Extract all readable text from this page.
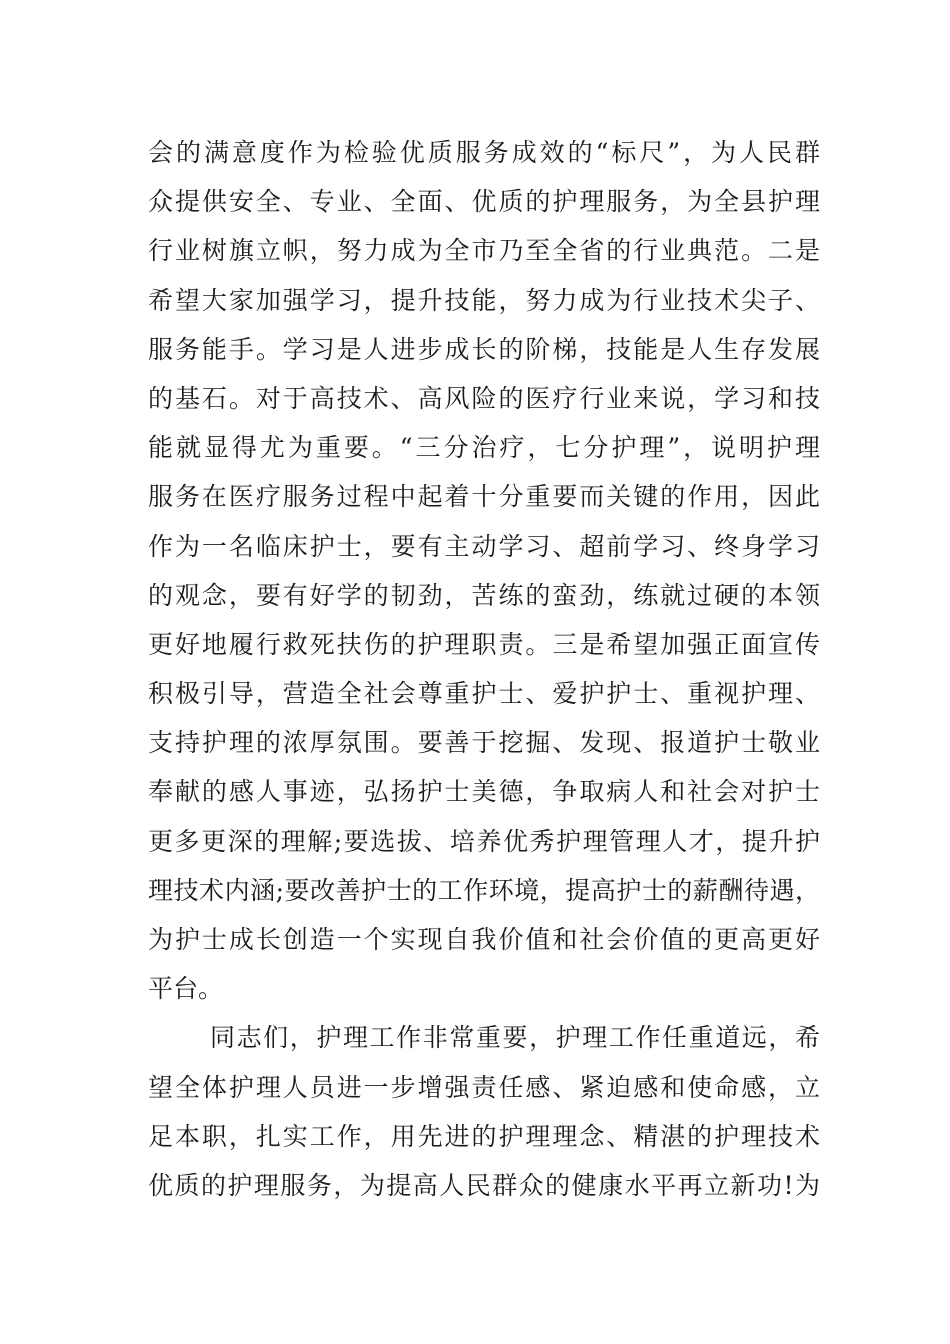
会的满意度作为检验优质服务成效的“标尺”，为人民群
众提供安全、专业、全面、优质的护理服务，为全县护理
行业树旗立帜，努力成为全市乃至全省的行业典范。二是
希望大家加强学习，提升技能，努力成为行业技术尖子、
服务能手。学习是人进步成长的阶梯，技能是人生存发展
的基石。对于高技术、高风险的医疗行业来说，学习和技
能就显得尤为重要。“三分治疗，七分护理”，说明护理
服务在医疗服务过程中起着十分重要而关键的作用，因此
作为一名临床护士，要有主动学习、超前学习、终身学习
的观念，要有好学的韧劲，苦练的蛮劲，练就过硬的本领
更好地履行救死扶伤的护理职责。三是希望加强正面宣传
积极引导，营造全社会尊重护士、爱护护士、重视护理、
支持护理的浓厚氛围。要善于挖掘、发现、报道护士敬业
奉献的感人事迹，弘扬护士美德，争取病人和社会对护士
更多更深的理解;要选拔、培养优秀护理管理人才，提升护
理技术内涵;要改善护士的工作环境，提高护士的薪酬待遇，
为护士成长创造一个实现自我价值和社会价值的更高更好
平台。
同志们，护理工作非常重要，护理工作任重道远，希
望全体护理人员进一步增强责任感、紧迫感和使命感，立
足本职，扎实工作，用先进的护理理念、精湛的护理技术
优质的护理服务，为提高人民群众的健康水平再立新功!为
